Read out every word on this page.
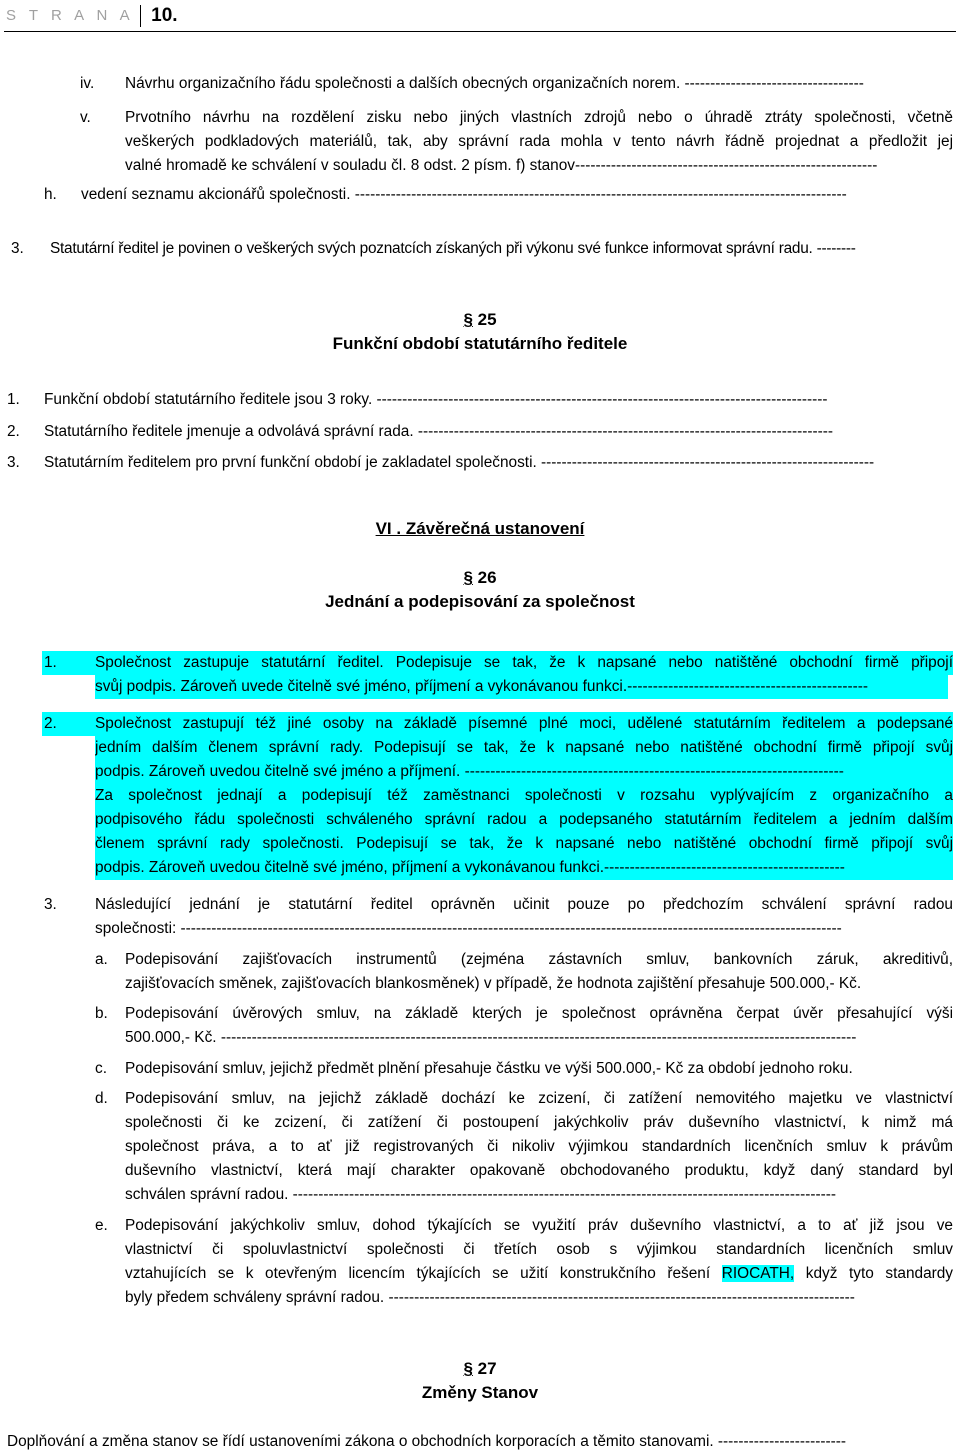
S T R A N A 10.
iv. Návrhu organizačního řádu společnosti a dalších obecných organizačních norem. -----------------------------------
v. Prvotního návrhu na rozdělení zisku nebo jiných vlastních zdrojů nebo o úhradě ztráty společnosti, včetně
veškerých podkladových materiálů, tak, aby správní rada mohla v tento návrh řádně projednat a předložit jej
valné hromadě ke schválení v souladu čl. 8 odst. 2 písm. f) stanov-----------------------------------------------------------
h. vedení seznamu akcionářů společnosti. ------------------------------------------------------------------------------------------------
3. Statutární ředitel je povinen o veškerých svých poznatcích získaných při výkonu své funkce informovat správní radu. --------
§ 25
Funkční období statutárního ředitele
1. Funkční období statutárního ředitele jsou 3 roky. ----------------------------------------------------------------------------------------
2. Statutárního ředitele jmenuje a odvolává správní rada. ---------------------------------------------------------------------------------
3. Statutárním ředitelem pro první funkční období je zakladatel společnosti. -----------------------------------------------------------------
VI . Závěrečná ustanovení
§ 26
Jednání a podepisování za společnost
1.	Společnost zastupuje statutární ředitel. Podepisuje se tak, že k napsané nebo natištěné obchodní firmě připojí
svůj podpis. Zároveň uvede čitelně své jméno, příjmení a vykonávanou funkci.-----------------------------------------------
2.	Společnost zastupují též jiné osoby na základě písemné plné moci, udělené statutárním ředitelem a podepsané
jedním dalším členem správní rady. Podepisují se tak, že k napsané nebo natištěné obchodní firmě připojí svůj
podpis. Zároveň uvedou čitelně své jméno a příjmení. --------------------------------------------------------------------------
Za společnost jednají a podepisují též zaměstnanci společnosti v rozsahu vyplývajícím z organizačního a
podpisového řádu společnosti schváleného správní radou a podepsaného statutárním ředitelem a jedním dalším
členem správní rady společnosti. Podepisují se tak, že k napsané nebo natištěné obchodní firmě připojí svůj
podpis. Zároveň uvedou čitelně své jméno, příjmení a vykonávanou funkci.-----------------------------------------------
3. Následující jednání je statutární ředitel oprávněn učinit pouze po předchozím schválení správní radou
společnosti: ---------------------------------------------------------------------------------------------------------------------------------
a. Podepisování zajišťovacích instrumentů (zejména zástavních smluv, bankovních záruk, akreditivů,
zajišťovacích směnek, zajišťovacích blankosměnek) v případě, že hodnota zajištění přesahuje 500.000,- Kč.
b. Podepisování úvěrových smluv, na základě kterých je společnost oprávněna čerpat úvěr přesahující výši
500.000,- Kč. ----------------------------------------------------------------------------------------------------------------------------
c. Podepisování smluv, jejichž předmět plnění přesahuje částku ve výši 500.000,- Kč za období jednoho roku.
d. Podepisování smluv, na jejichž základě dochází ke zcizení, či zatížení nemovitého majetku ve vlastnictví
společnosti či ke zcizení, či zatížení či postoupení jakýchkoliv práv duševního vlastnictví, k nimž má
společnost práva, a to ať již registrovaných či nikoliv výjimkou standardních licenčních smluv k právům
duševního vlastnictví, která mají charakter opakovaně obchodovaného produktu, když daný standard byl
schválen správní radou. ----------------------------------------------------------------------------------------------------------
e. Podepisování jakýchkoliv smluv, dohod týkajících se využití práv duševního vlastnictví, a to ať již jsou ve
vlastnictví či spoluvlastnictví společnosti či třetích osob s výjimkou standardních licenčních smluv
vztahujících se k otevřeným licencím týkajících se užití konstrukčního řešení RIOCATH, když tyto standardy
byly předem schváleny správní radou. -------------------------------------------------------------------------------------------
§ 27
Změny Stanov
Doplňování a změna stanov se řídí ustanoveními zákona o obchodních korporacích a těmito stanovami. -------------------------
